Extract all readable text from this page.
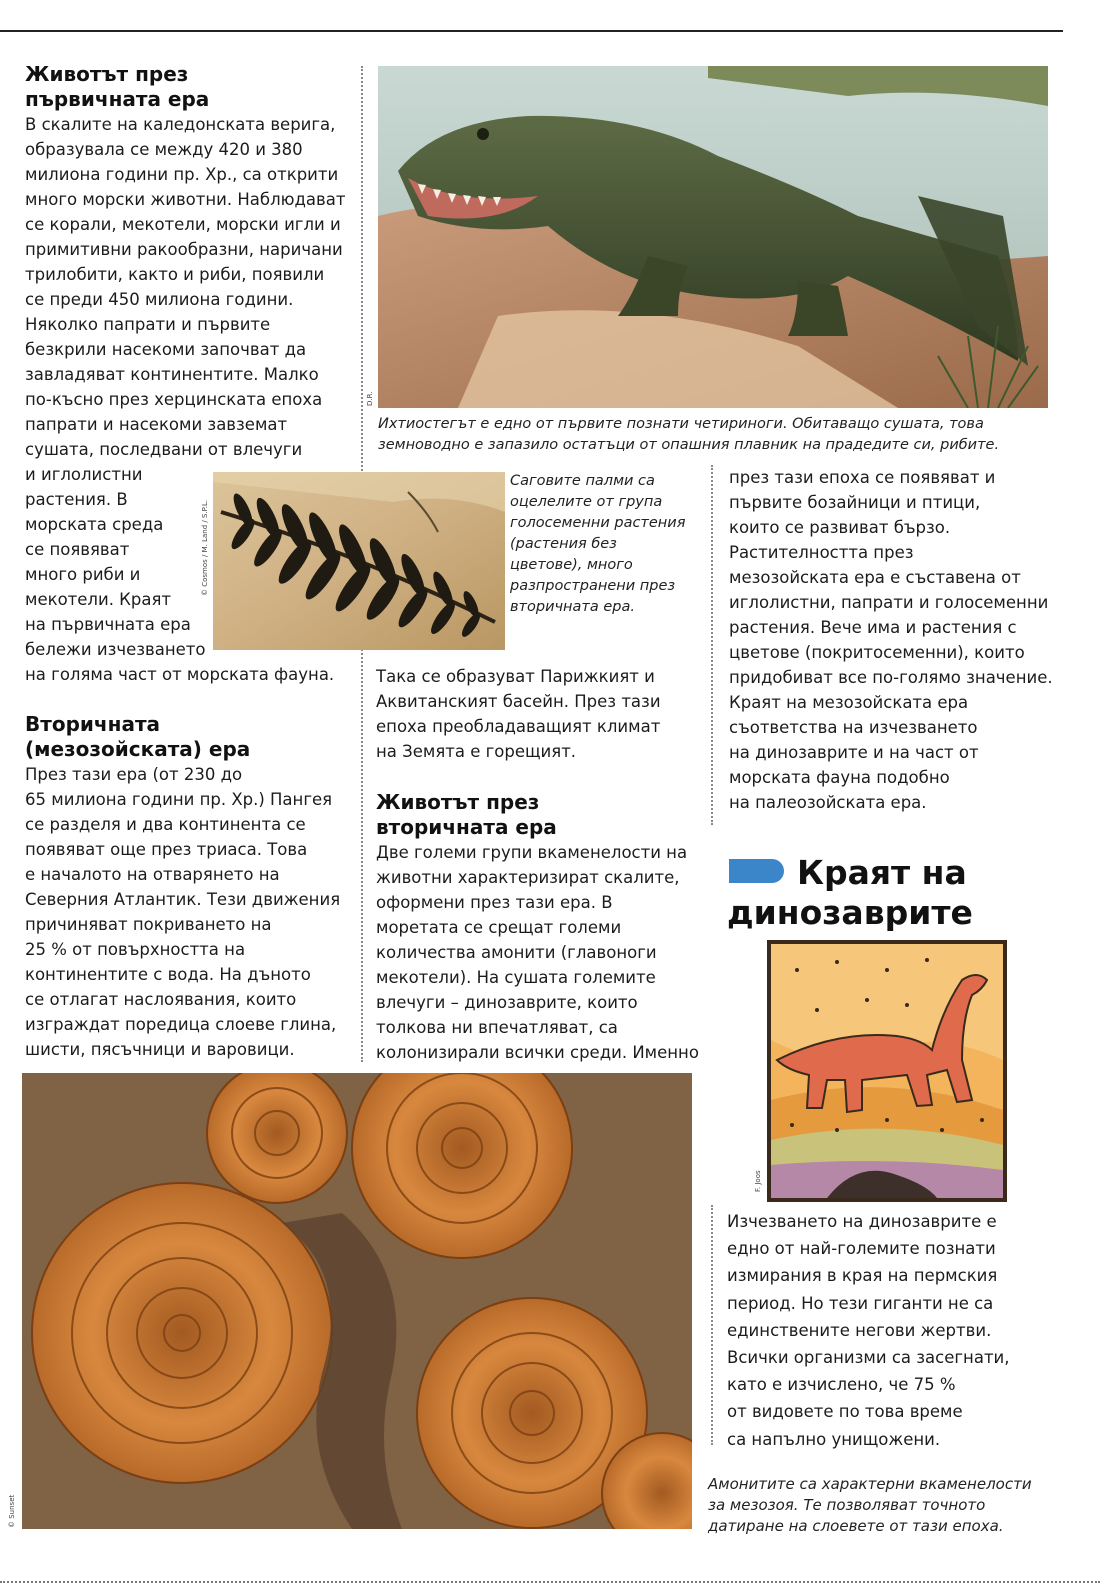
Животът през
първичната ера

В скалите на каледонската верига,
образувала се между 420 и 380
милиона години пр. Хр., са открити
много морски животни. Наблюдават
се корали, мекотели, морски игли и
примитивни ракообразни, наричани
трилобити, както и риби, появили
се преди 450 милиона години.
Няколко папрати и първите
безкрили насекоми започват да
завладяват континентите. Малко
по-късно през херцинската епоха
папрати и насекоми завземат
сушата, последвани от влечуги

и иглолистни
растения. В
морската среда
се появяват
много риби и
мекотели. Краят
на първичната ера
бележи изчезването

на голяма част от морската фауна.

© Cosmos / M. Land / S.P.L.
D.R.

Ихтиостегът е едно от първите познати четириноги. Обитаващо сушата, това
земноводно е запазило остатъци от опашния плавник на прадедите си, рибите.

Саговите палми са
оцелелите от група
голосеменни растения
(растения без
цветове), много
разпространени през
вторичната ера.

Така се образуват Парижкият и
Аквитанският басейн. През тази
епоха преобладаващият климат
на Земята е горещият.

Животът през
вторичната ера

Две големи групи вкаменелости на
животни характеризират скалите,
оформени през тази ера. В
моретата се срещат големи
количества амонити (главоноги
мекотели). На сушата големите
влечуги – динозаврите, които
толкова ни впечатляват, са
колонизирали всички среди. Именно

Вторичната
(мезозойската) ера

През тази ера (от 230 до
65 милиона години пр. Хр.) Пангея
се разделя и два континента се
появяват още през триаса. Това
е началото на отварянето на
Северния Атлантик. Тези движения
причиняват покриването на
25 % от повърхността на
континентите с вода. На дъното
се отлагат наслоявания, които
изграждат поредица слоеве глина,
шисти, пясъчници и варовици.

през тази епоха се появяват и
първите бозайници и птици,
които се развиват бързо.
Растителността през
мезозойската ера е съставена от
иглолистни, папрати и голосеменни
растения. Вече има и растения с
цветове (покритосеменни), които
придобиват все по-голямо значение.
Краят на мезозойската ера
съответства на изчезването
на динозаврите и на част от
морската фауна подобно
на палеозойската ера.

Краят на
динозаврите

F. Joos

Изчезването на динозаврите е
едно от най-големите познати
измирания в края на пермския
период. Но тези гиганти не са
единствените негови жертви.
Всички организми са засегнати,
като е изчислено, че 75 %
от видовете по това време
са напълно унищожени.

© Sunset

Амонитите са характерни вкаменелости
за мезозоя. Те позволяват точното
датиране на слоевете от тази епоха.
